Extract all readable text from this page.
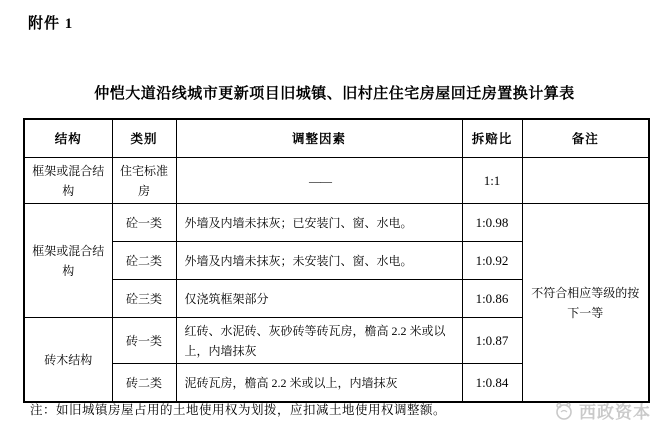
附件 1
仲恺大道沿线城市更新项目旧城镇、旧村庄住宅房屋回迁房置换计算表
结构	类别	调整因素	拆赔比	备注
框架或混合结构	住宅标准房	——	1:1	
框架或混合结构	砼一类	外墙及内墙未抹灰；已安装门、窗、水电。	1:0.98	不符合相应等级的按下一等
	砼二类	外墙及内墙未抹灰；未安装门、窗、水电。	1:0.92	
	砼三类	仅浇筑框架部分	1:0.86	
砖木结构	砖一类	红砖、水泥砖、灰砂砖等砖瓦房，檐高 2.2 米或以上，内墙抹灰	1:0.87	
	砖二类	泥砖瓦房，檐高 2.2 米或以上，内墙抹灰	1:0.84	
注：如旧城镇房屋占用的土地使用权为划拨，应扣减土地使用权调整额。	西政资本
